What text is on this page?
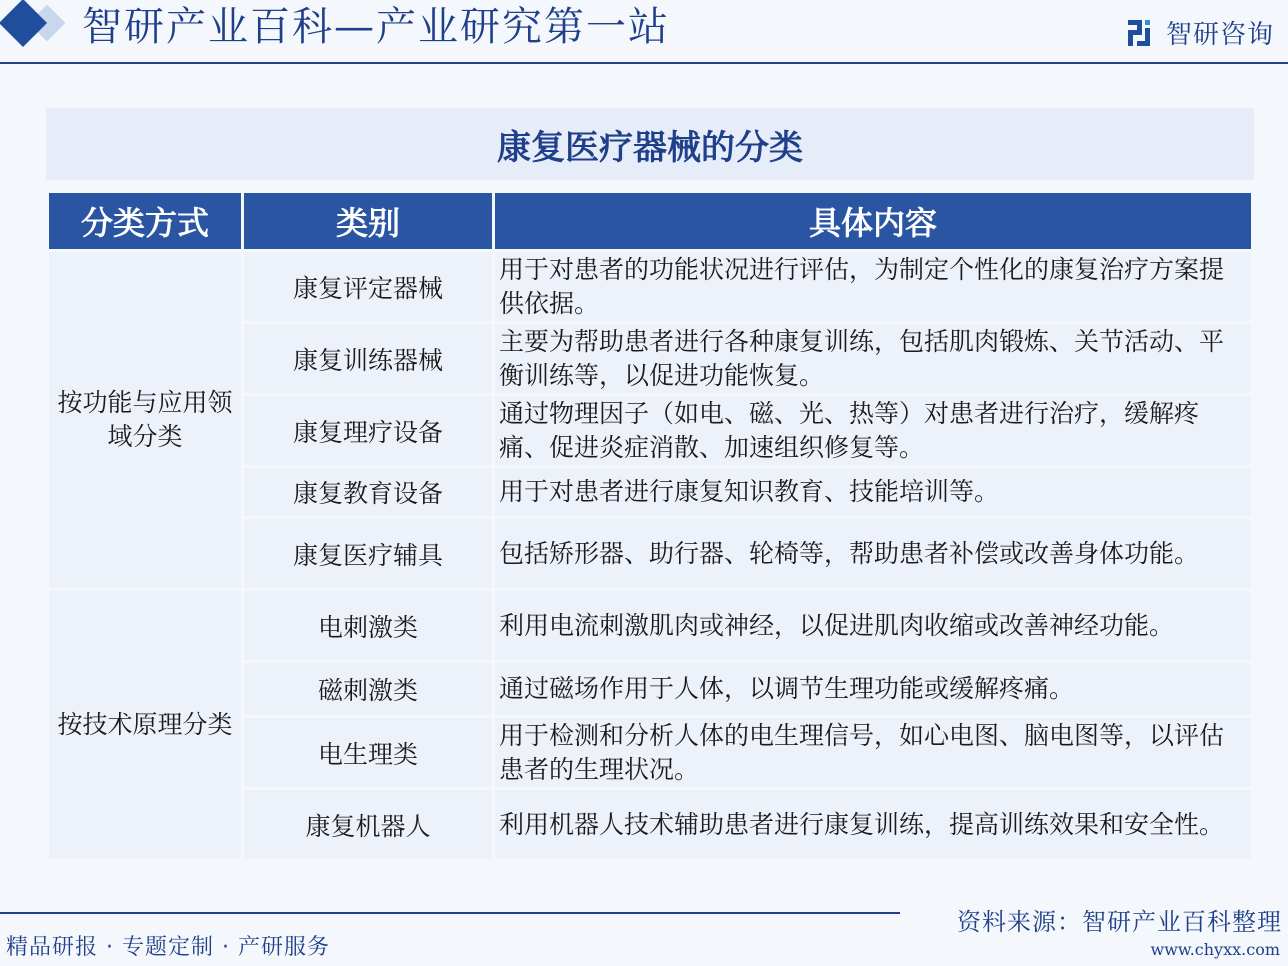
智研产业百科—产业研究第一站	智研咨询
康复医疗器械的分类
分类方式	类别	具体内容
按功能与应用领域分类	康复评定器械	用于对患者的功能状况进行评估，为制定个性化的康复治疗方案提供依据。
	康复训练器械	主要为帮助患者进行各种康复训练，包括肌肉锻炼、关节活动、平衡训练等，以促进功能恢复。
	康复理疗设备	通过物理因子（如电、磁、光、热等）对患者进行治疗，缓解疼痛、促进炎症消散、加速组织修复等。
	康复教育设备	用于对患者进行康复知识教育、技能培训等。
	康复医疗辅具	包括矫形器、助行器、轮椅等，帮助患者补偿或改善身体功能。
按技术原理分类	电刺激类	利用电流刺激肌肉或神经，以促进肌肉收缩或改善神经功能。
	磁刺激类	通过磁场作用于人体，以调节生理功能或缓解疼痛。
	电生理类	用于检测和分析人体的电生理信号，如心电图、脑电图等，以评估患者的生理状况。
	康复机器人	利用机器人技术辅助患者进行康复训练，提高训练效果和安全性。
精品研报 · 专题定制 · 产研服务
资料来源：智研产业百科整理
www.chyxx.com
